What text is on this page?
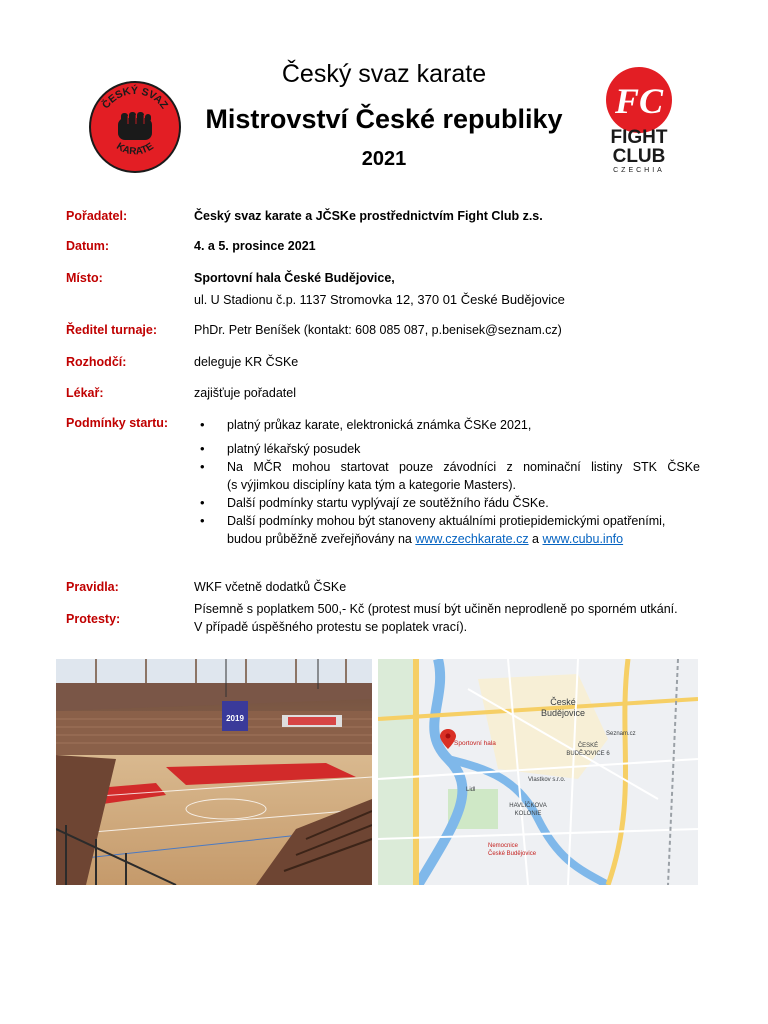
Český svaz karate
Mistrovství České republiky
2021
ČESKÝ SVAZ
KARATE
FC
FIGHT
CLUB
CZECHIA
Pořadatel:	Český svaz karate a JČSKe prostřednictvím Fight Club z.s.
Datum:	4. a 5. prosince 2021
Místo:	Sportovní hala České Budějovice,
ul. U Stadionu č.p. 1137 Stromovka 12, 370 01 České Budějovice
Ředitel turnaje:	PhDr. Petr Beníšek (kontakt: 608 085 087, p.benisek@seznam.cz)
Rozhodčí:	deleguje KR ČSKe
Lékař:	zajišťuje pořadatel
Podmínky startu:
•	platný průkaz karate, elektronická známka ČSKe 2021,
• platný lékařský posudek
• Na MČR mohou startovat pouze závodníci z nominační listiny STK ČSKe
(s výjimkou disciplíny kata tým a kategorie Masters).
• Další podmínky startu vyplývají ze soutěžního řádu ČSKe.
• Další podmínky mohou být stanoveny aktuálními protiepidemickými opatřeními,
budou průběžně zveřejňovány na www.czechkarate.cz a www.cubu.info
Pravidla:	WKF včetně dodatků ČSKe
Protesty:
Písemně s poplatkem 500,- Kč (protest musí být učiněn neprodleně po sporném utkání.
V případě úspěšného protestu se poplatek vrací).
2019
České
Budějovice
ČESKÉ
BUDĚJOVICE 6
HAVLÍČKOVA
KOLONIE
Nemocnice
České Budějovice
Sportovní hala
Vlastkov s.r.o.
Lidl
Seznam.cz
